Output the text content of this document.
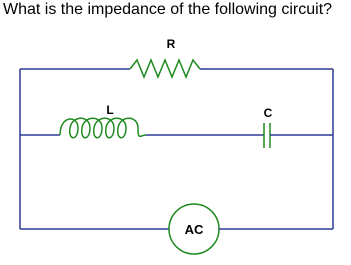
What is the impedance of the following circuit?
R
L	C
AC
